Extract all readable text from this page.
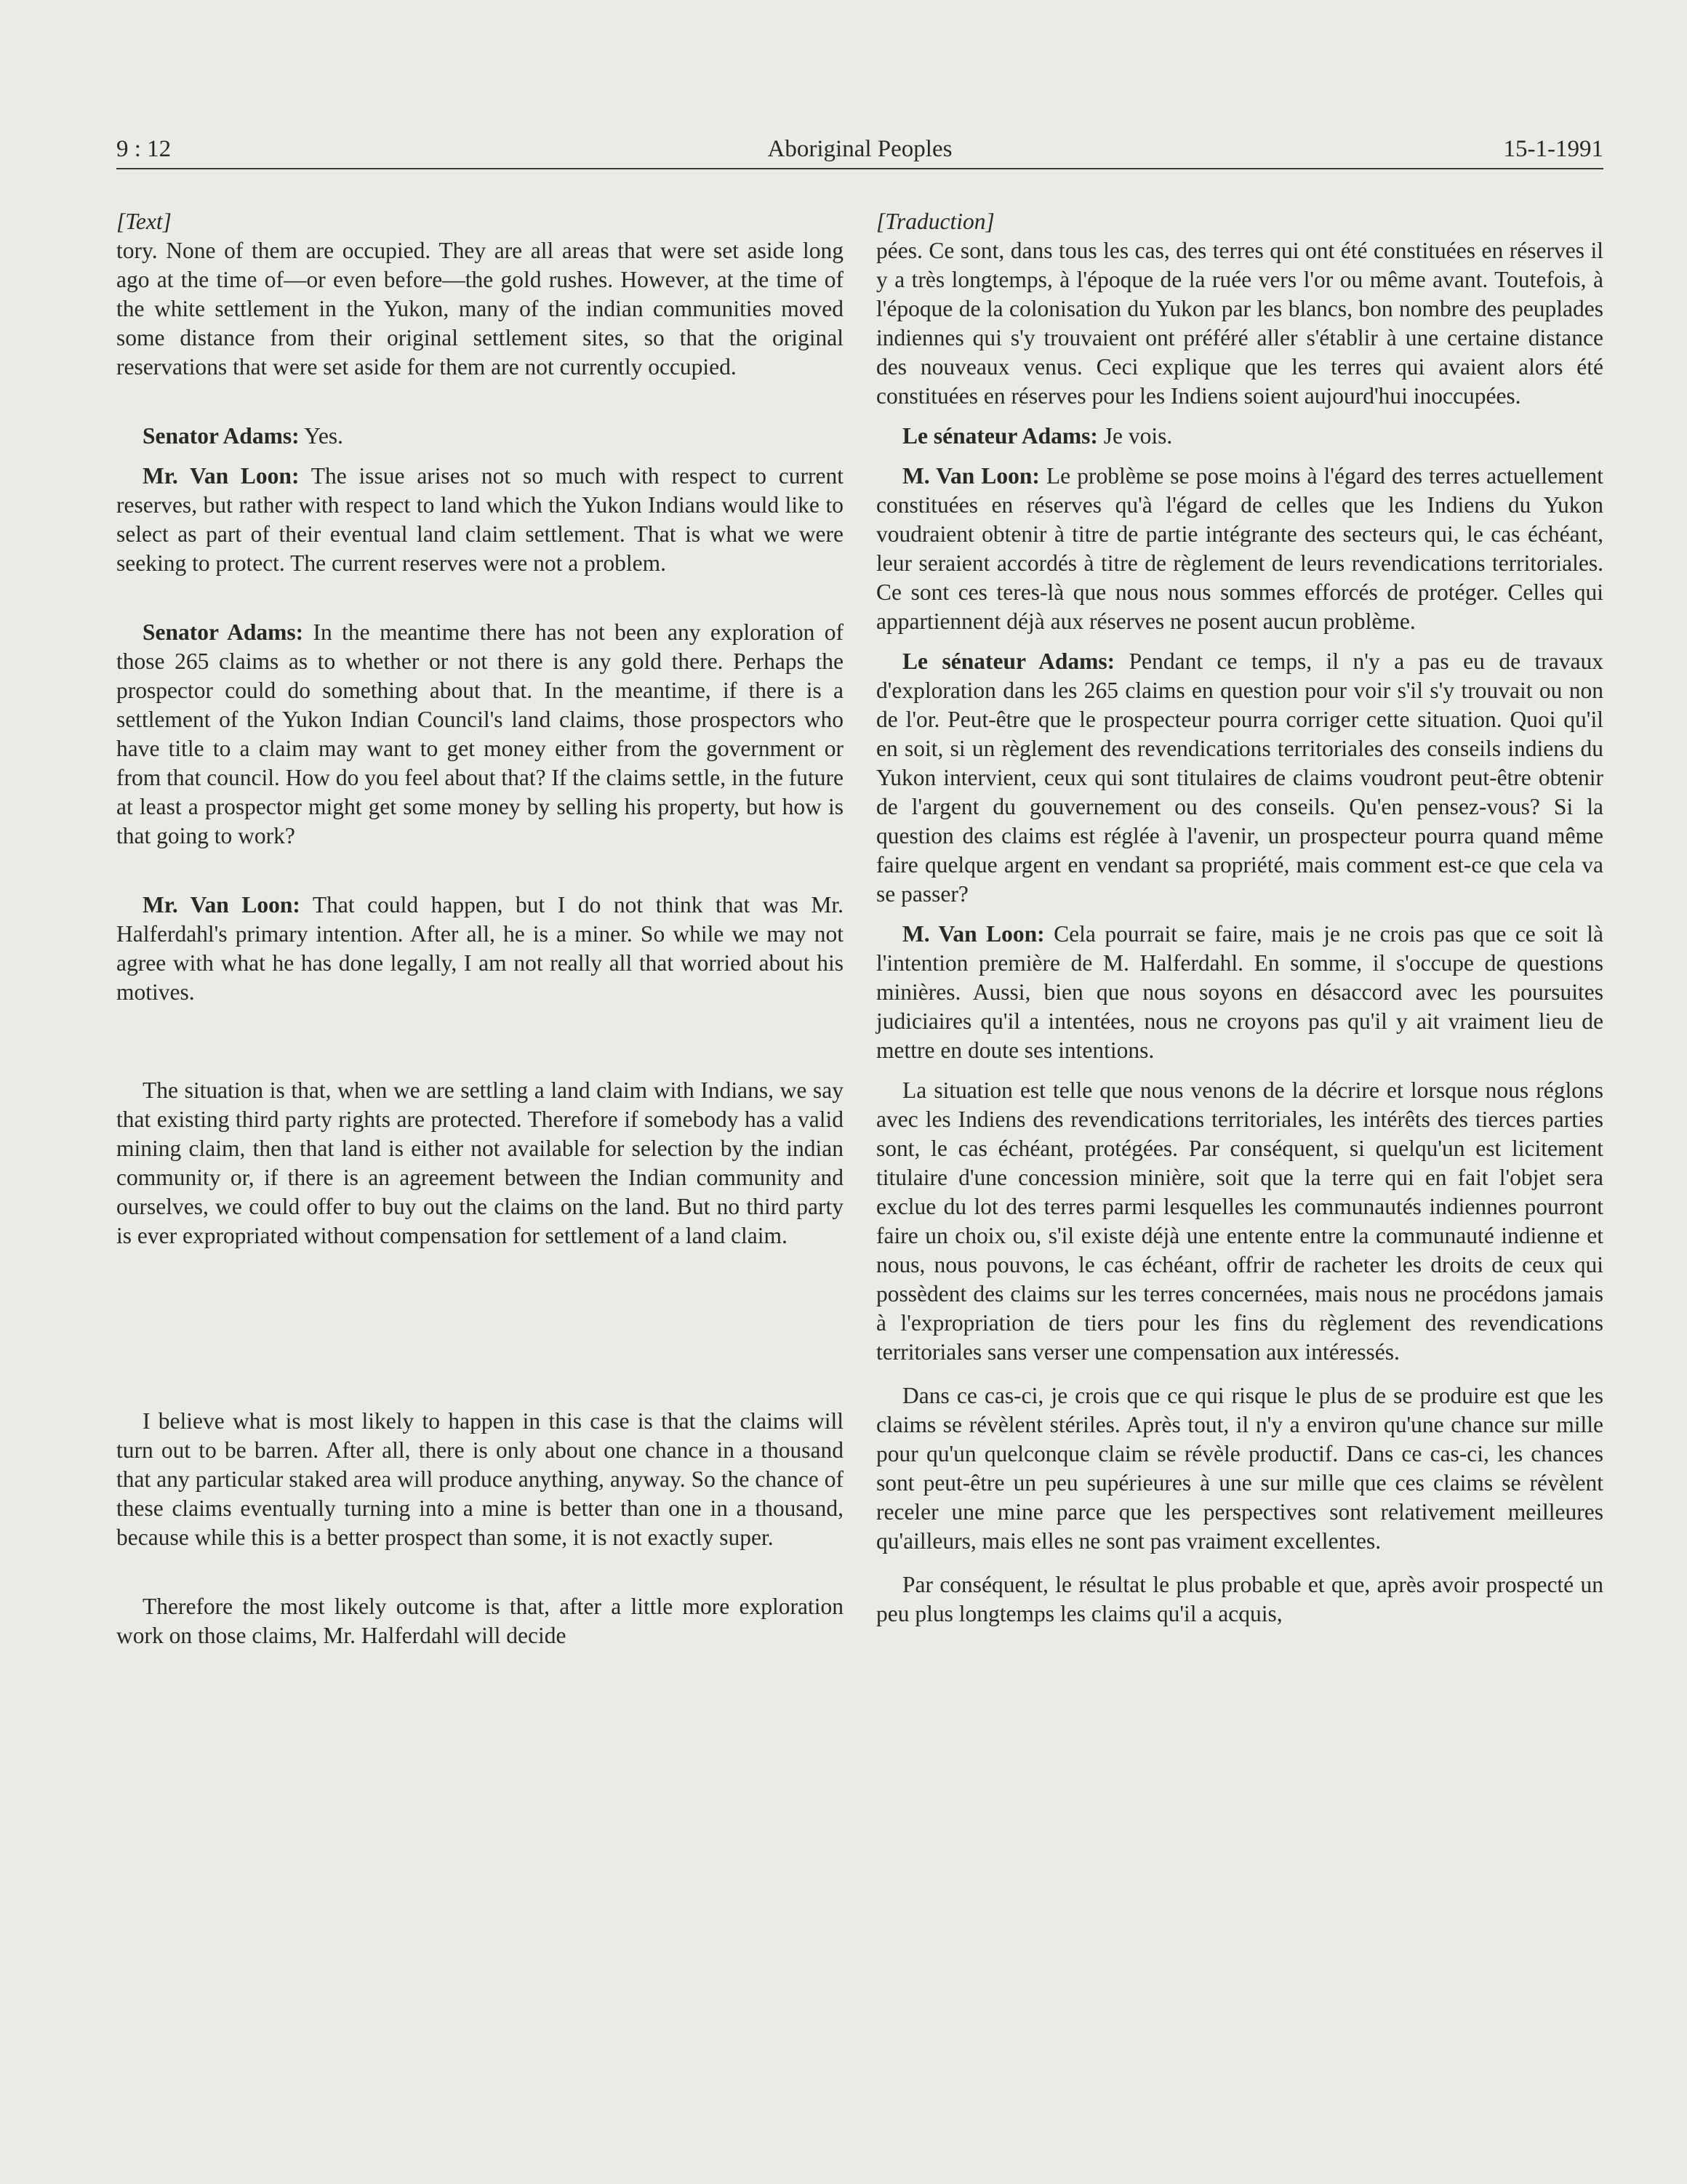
9 : 12	Aboriginal Peoples	15-1-1991
[Text]

tory. None of them are occupied. They are all areas that were set aside long ago at the time of—or even before—the gold rushes. However, at the time of the white settlement in the Yukon, many of the indian communities moved some distance from their original settlement sites, so that the original reservations that were set aside for them are not currently occupied.

Senator Adams: Yes.

Mr. Van Loon: The issue arises not so much with respect to current reserves, but rather with respect to land which the Yukon Indians would like to select as part of their eventual land claim settlement. That is what we were seeking to protect. The current reserves were not a problem.

Senator Adams: In the meantime there has not been any exploration of those 265 claims as to whether or not there is any gold there. Perhaps the prospector could do something about that. In the meantime, if there is a settlement of the Yukon Indian Council's land claims, those prospectors who have title to a claim may want to get money either from the government or from that council. How do you feel about that? If the claims settle, in the future at least a prospector might get some money by selling his property, but how is that going to work?

Mr. Van Loon: That could happen, but I do not think that was Mr. Halferdahl's primary intention. After all, he is a miner. So while we may not agree with what he has done legally, I am not really all that worried about his motives.

The situation is that, when we are settling a land claim with Indians, we say that existing third party rights are protected. Therefore if somebody has a valid mining claim, then that land is either not available for selection by the indian community or, if there is an agreement between the Indian community and ourselves, we could offer to buy out the claims on the land. But no third party is ever expropriated without compensation for settlement of a land claim.

I believe what is most likely to happen in this case is that the claims will turn out to be barren. After all, there is only about one chance in a thousand that any particular staked area will produce anything, anyway. So the chance of these claims eventually turning into a mine is better than one in a thousand, because while this is a better prospect than some, it is not exactly super.

Therefore the most likely outcome is that, after a little more exploration work on those claims, Mr. Halferdahl will decide

[Traduction]

pées. Ce sont, dans tous les cas, des terres qui ont été constituées en réserves il y a très longtemps, à l'époque de la ruée vers l'or ou même avant. Toutefois, à l'époque de la colonisation du Yukon par les blancs, bon nombre des peuplades indiennes qui s'y trouvaient ont préféré aller s'établir à une certaine distance des nouveaux venus. Ceci explique que les terres qui avaient alors été constituées en réserves pour les Indiens soient aujourd'hui inoccupées.

Le sénateur Adams: Je vois.

M. Van Loon: Le problème se pose moins à l'égard des terres actuellement constituées en réserves qu'à l'égard de celles que les Indiens du Yukon voudraient obtenir à titre de partie intégrante des secteurs qui, le cas échéant, leur seraient accordés à titre de règlement de leurs revendications territoriales. Ce sont ces teres-là que nous nous sommes efforcés de protéger. Celles qui appartiennent déjà aux réserves ne posent aucun problème.

Le sénateur Adams: Pendant ce temps, il n'y a pas eu de travaux d'exploration dans les 265 claims en question pour voir s'il s'y trouvait ou non de l'or. Peut-être que le prospecteur pourra corriger cette situation. Quoi qu'il en soit, si un règlement des revendications territoriales des conseils indiens du Yukon intervient, ceux qui sont titulaires de claims voudront peut-être obtenir de l'argent du gouvernement ou des conseils. Qu'en pensez-vous? Si la question des claims est réglée à l'avenir, un prospecteur pourra quand même faire quelque argent en vendant sa propriété, mais comment est-ce que cela va se passer?

M. Van Loon: Cela pourrait se faire, mais je ne crois pas que ce soit là l'intention première de M. Halferdahl. En somme, il s'occupe de questions minières. Aussi, bien que nous soyons en désaccord avec les poursuites judiciaires qu'il a intentées, nous ne croyons pas qu'il y ait vraiment lieu de mettre en doute ses intentions.

La situation est telle que nous venons de la décrire et lorsque nous réglons avec les Indiens des revendications territoriales, les intérêts des tierces parties sont, le cas échéant, protégées. Par conséquent, si quelqu'un est licitement titulaire d'une concession minière, soit que la terre qui en fait l'objet sera exclue du lot des terres parmi lesquelles les communautés indiennes pourront faire un choix ou, s'il existe déjà une entente entre la communauté indienne et nous, nous pouvons, le cas échéant, offrir de racheter les droits de ceux qui possèdent des claims sur les terres concernées, mais nous ne procédons jamais à l'expropriation de tiers pour les fins du règlement des revendications territoriales sans verser une compensation aux intéressés.

Dans ce cas-ci, je crois que ce qui risque le plus de se produire est que les claims se révèlent stériles. Après tout, il n'y a environ qu'une chance sur mille pour qu'un quelconque claim se révèle productif. Dans ce cas-ci, les chances sont peut-être un peu supérieures à une sur mille que ces claims se révèlent receler une mine parce que les perspectives sont relativement meilleures qu'ailleurs, mais elles ne sont pas vraiment excellentes.

Par conséquent, le résultat le plus probable et que, après avoir prospecté un peu plus longtemps les claims qu'il a acquis,
